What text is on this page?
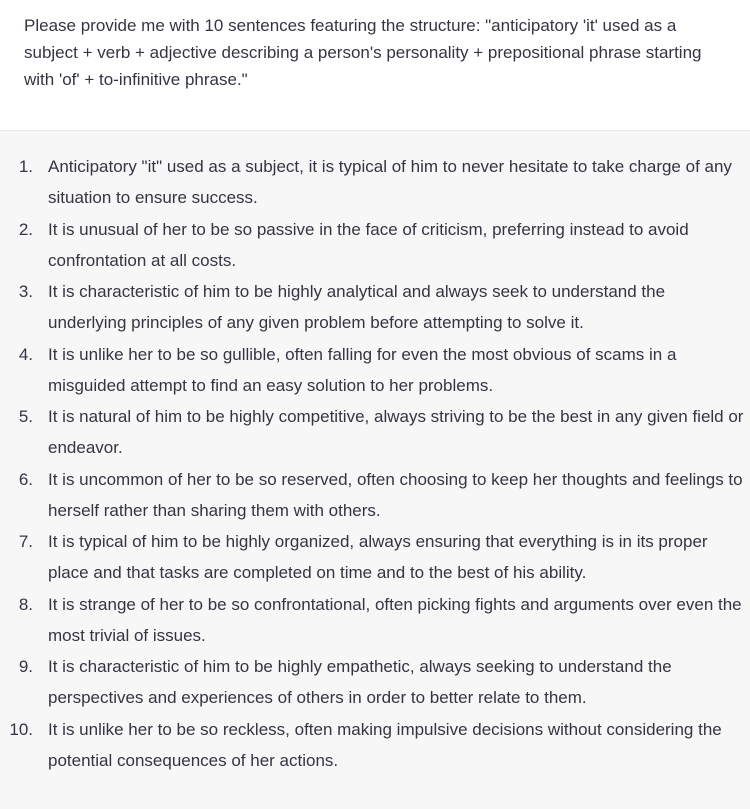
Please provide me with 10 sentences featuring the structure: "anticipatory 'it' used as a subject + verb + adjective describing a person's personality + prepositional phrase starting with 'of' + to-infinitive phrase."

1. Anticipatory "it" used as a subject, it is typical of him to never hesitate to take charge of any situation to ensure success.
2. It is unusual of her to be so passive in the face of criticism, preferring instead to avoid confrontation at all costs.
3. It is characteristic of him to be highly analytical and always seek to understand the underlying principles of any given problem before attempting to solve it.
4. It is unlike her to be so gullible, often falling for even the most obvious of scams in a misguided attempt to find an easy solution to her problems.
5. It is natural of him to be highly competitive, always striving to be the best in any given field or endeavor.
6. It is uncommon of her to be so reserved, often choosing to keep her thoughts and feelings to herself rather than sharing them with others.
7. It is typical of him to be highly organized, always ensuring that everything is in its proper place and that tasks are completed on time and to the best of his ability.
8. It is strange of her to be so confrontational, often picking fights and arguments over even the most trivial of issues.
9. It is characteristic of him to be highly empathetic, always seeking to understand the perspectives and experiences of others in order to better relate to them.
10. It is unlike her to be so reckless, often making impulsive decisions without considering the potential consequences of her actions.
